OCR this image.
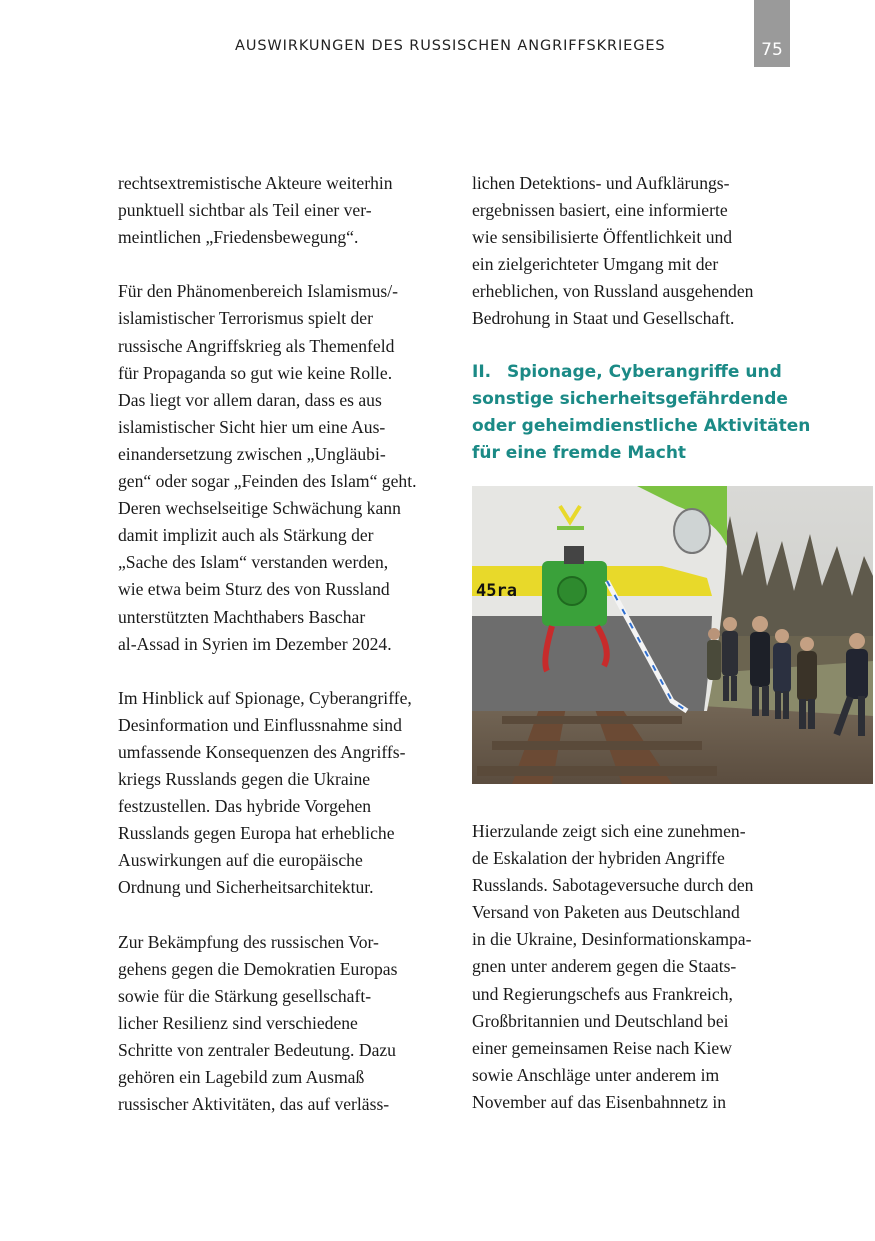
AUSWIRKUNGEN DES RUSSISCHEN ANGRIFFSKRIEGES	75

rechtsextremistische Akteure weiterhin

punktuell sichtbar als Teil einer ver-

meintlichen „Friedensbewegung“.

Für den Phänomenbereich Islamismus/-

islamistischer Terrorismus spielt der

russische Angriffskrieg als Themenfeld

für Propaganda so gut wie keine Rolle.

Das liegt vor allem daran, dass es aus

islamistischer Sicht hier um eine Aus-

einandersetzung zwischen „Ungläubi-

gen“ oder sogar „Feinden des Islam“ geht.

Deren wechselseitige Schwächung kann

damit implizit auch als Stärkung der

„Sache des Islam“ verstanden werden,

wie etwa beim Sturz des von Russland

unterstützten Machthabers Baschar

al-Assad in Syrien im Dezember 2024.

Im Hinblick auf Spionage, Cyberangriffe,

Desinformation und Einflussnahme sind

umfassende Konsequenzen des Angriffs-

kriegs Russlands gegen die Ukraine

festzustellen. Das hybride Vorgehen

Russlands gegen Europa hat erhebliche

Auswirkungen auf die europäische

Ordnung und Sicherheitsarchitektur.

Zur Bekämpfung des russischen Vor-

gehens gegen die Demokratien Europas

sowie für die Stärkung gesellschaft-

licher Resilienz sind verschiedene

Schritte von zentraler Bedeutung. Dazu

gehören ein Lagebild zum Ausmaß

russischer Aktivitäten, das auf verläss-

lichen Detektions- und Aufklärungs-

ergebnissen basiert, eine informierte

wie sensibilisierte Öffentlichkeit und

ein zielgerichteter Umgang mit der

erheblichen, von Russland ausgehenden

Bedrohung in Staat und Gesellschaft.

II. Spionage, Cyberangriffe und
sonstige sicherheitsgefährdende
oder geheimdienstliche Aktivitäten
für eine fremde Macht
45ra

Hierzulande zeigt sich eine zunehmen-

de Eskalation der hybriden Angriffe

Russlands. Sabotageversuche durch den

Versand von Paketen aus Deutschland

in die Ukraine, Desinformationskampa-

gnen unter anderem gegen die Staats-

und Regierungschefs aus Frankreich,

Großbritannien und Deutschland bei

einer gemeinsamen Reise nach Kiew

sowie Anschläge unter anderem im

November auf das Eisenbahnnetz in
